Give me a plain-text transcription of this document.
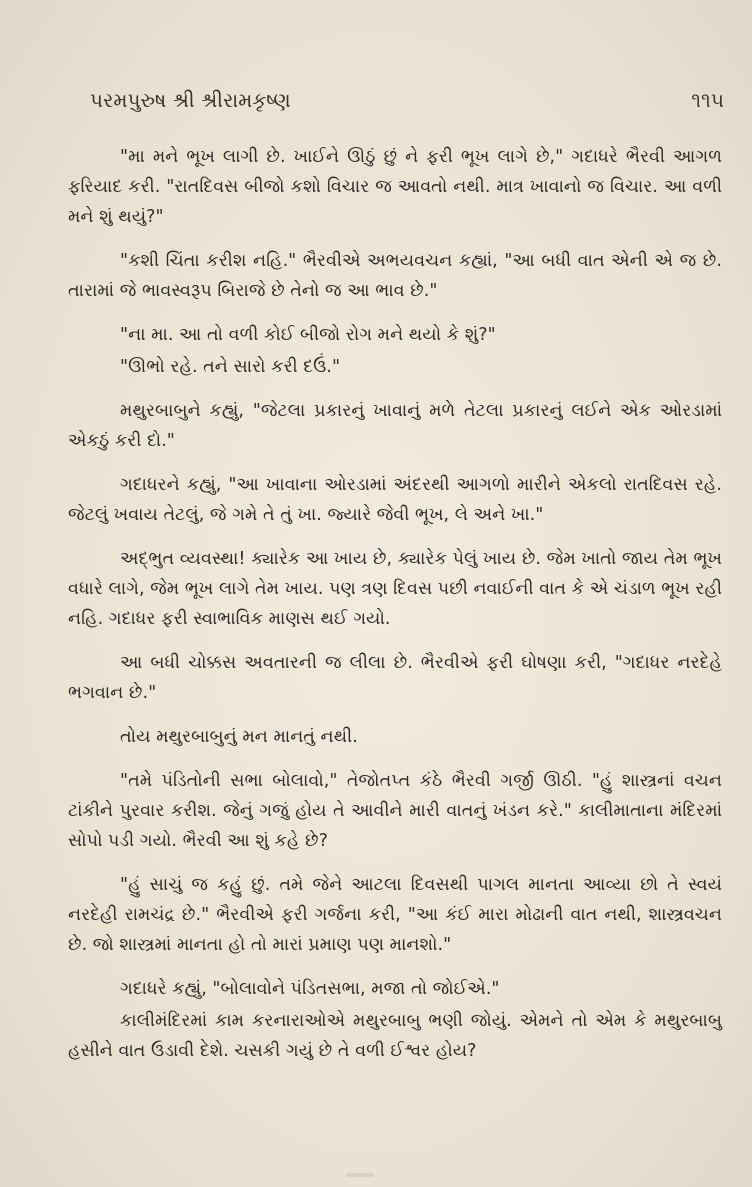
પરમપુરુષ શ્રી શ્રીરામકૃષ્ણ	૧૧૫

"મા મને ભૂખ લાગી છે. ખાઈને ઊઠું છું ને ફરી ભૂખ લાગે છે," ગદાધરે ભૈરવી આગળ ફરિયાદ કરી. "રાતદિવસ બીજો કશો વિચાર જ આવતો નથી. માત્ર ખાવાનો જ વિચાર. આ વળી મને શું થયું?"

"કશી ચિંતા કરીશ નહિ." ભૈરવીએ અભયવચન કહ્યાં, "આ બધી વાત એની એ જ છે. તારામાં જે ભાવસ્વરૂપ બિરાજે છે તેનો જ આ ભાવ છે."

"ના મા. આ તો વળી કોઈ બીજો રોગ મને થયો કે શું?"

"ઊભો રહે. તને સારો કરી દઉં."

મથુરબાબુને કહ્યું, "જેટલા પ્રકારનું ખાવાનું મળે તેટલા પ્રકારનું લઈને એક ઓરડામાં એકઠું કરી દો."

ગદાધરને કહ્યું, "આ ખાવાના ઓરડામાં અંદરથી આગળો મારીને એકલો રાતદિવસ રહે. જેટલું ખવાય તેટલું, જે ગમે તે તું ખા. જ્યારે જેવી ભૂખ, લે અને ખા."

અદ્ભુત વ્યવસ્થા! ક્યારેક આ ખાય છે, ક્યારેક પેલું ખાય છે. જેમ ખાતો જાય તેમ ભૂખ વધારે લાગે, જેમ ભૂખ લાગે તેમ ખાય. પણ ત્રણ દિવસ પછી નવાઈની વાત કે એ ચંડાળ ભૂખ રહી નહિ. ગદાધર ફરી સ્વાભાવિક માણસ થઈ ગયો.

આ બધી ચોક્કસ અવતારની જ લીલા છે. ભૈરવીએ ફરી ઘોષણા કરી, "ગદાધર નરદેહે ભગવાન છે."

તોય મથુરબાબુનું મન માનતું નથી.

"તમે પંડિતોની સભા બોલાવો," તેજોતપ્ત કંઠે ભૈરવી ગર્જી ઊઠી. "હું શાસ્ત્રનાં વચન ટાંકીને પુરવાર કરીશ. જેનું ગજું હોય તે આવીને મારી વાતનું ખંડન કરે." કાલીમાતાના મંદિરમાં સોપો પડી ગયો. ભૈરવી આ શું કહે છે?

"હું સાચું જ કહું છું. તમે જેને આટલા દિવસથી પાગલ માનતા આવ્યા છો તે સ્વયં નરદેહી રામચંદ્ર છે." ભૈરવીએ ફરી ગર્જના કરી, "આ કંઈ મારા મોઢાની વાત નથી, શાસ્ત્રવચન છે. જો શાસ્ત્રમાં માનતા હો તો મારાં પ્રમાણ પણ માનશો."

ગદાધરે કહ્યું, "બોલાવોને પંડિતસભા, મજા તો જોઈએ."

કાલીમંદિરમાં કામ કરનારાઓએ મથુરબાબુ ભણી જોયું. એમને તો એમ કે મથુરબાબુ હસીને વાત ઉડાવી દેશે. ચસકી ગયું છે તે વળી ઈશ્વર હોય?
